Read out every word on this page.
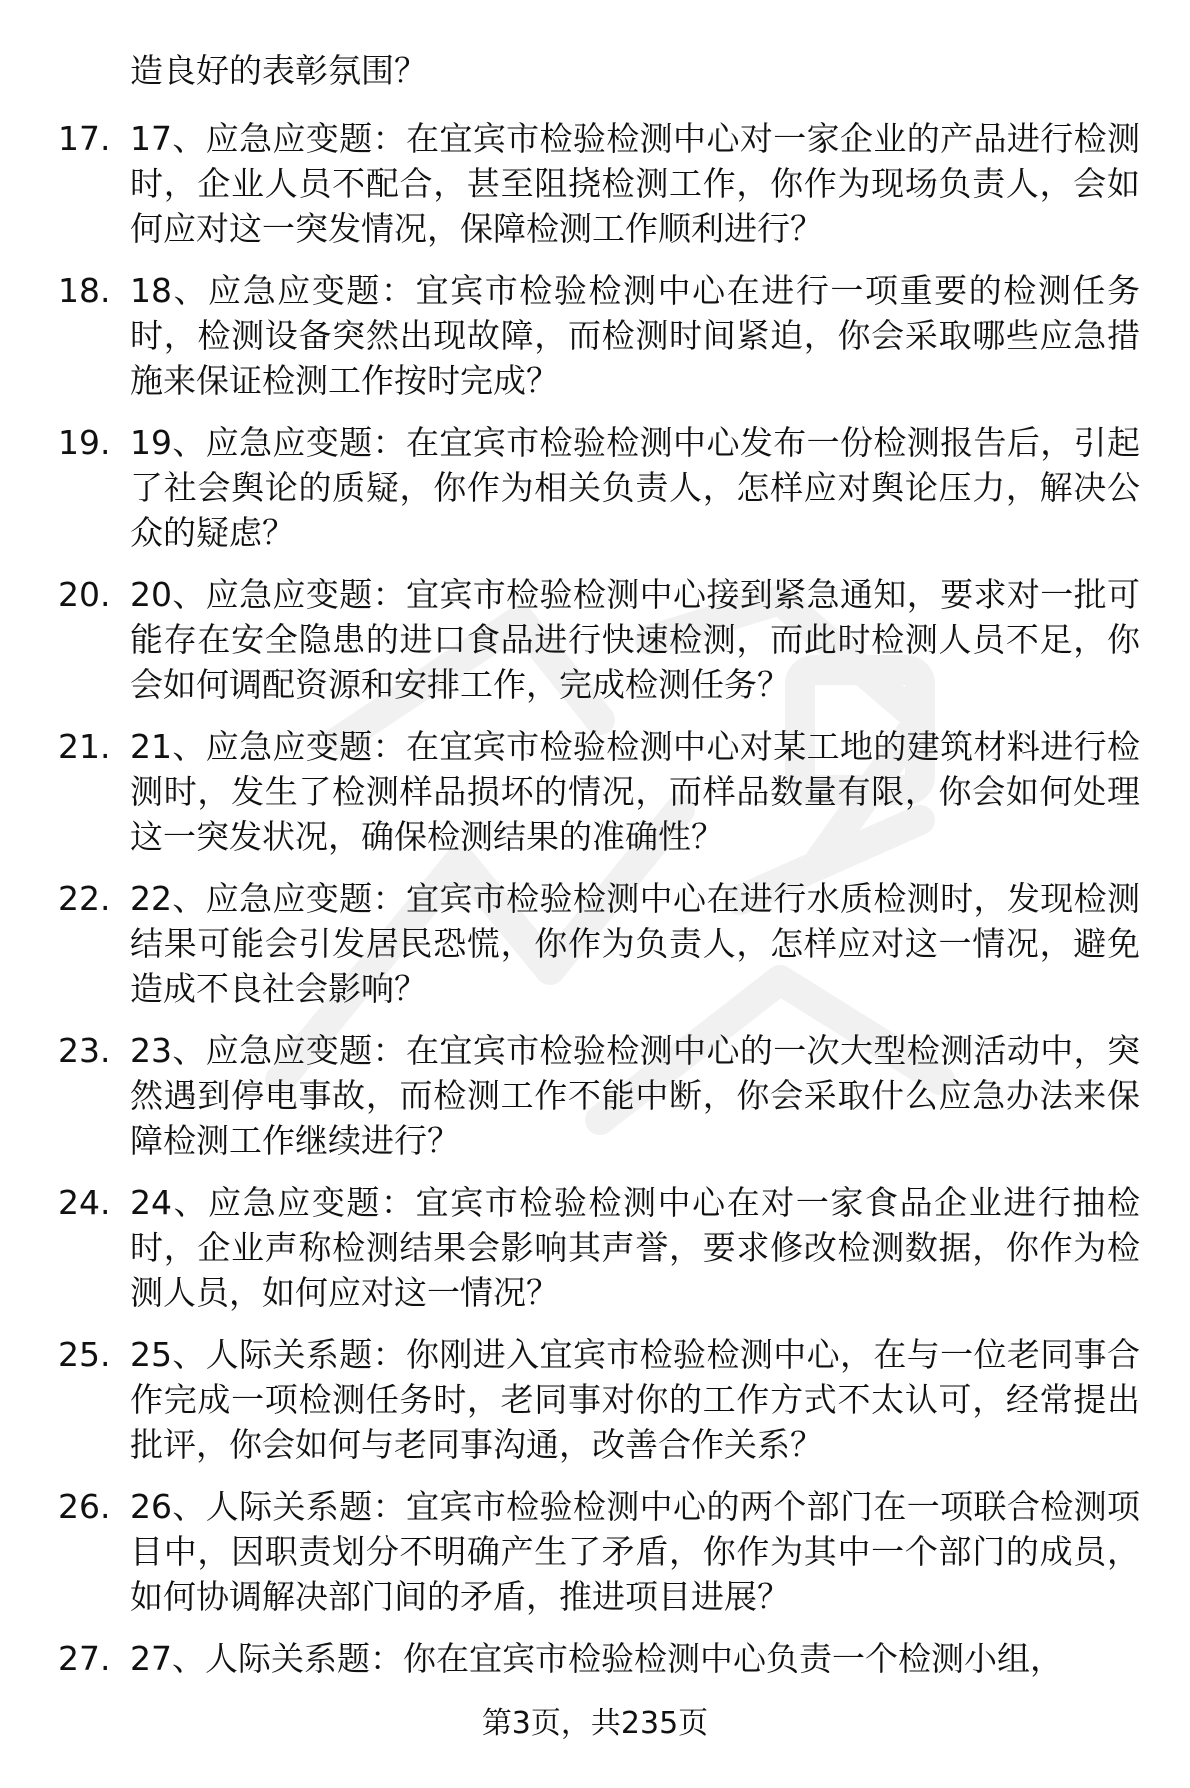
造良好的表彰氛围？

17. 17、应急应变题：在宜宾市检验检测中心对一家企业的产品进行检测时，企业人员不配合，甚至阻挠检测工作，你作为现场负责人，会如何应对这一突发情况，保障检测工作顺利进行？

18. 18、应急应变题：宜宾市检验检测中心在进行一项重要的检测任务时，检测设备突然出现故障，而检测时间紧迫，你会采取哪些应急措施来保证检测工作按时完成？

19. 19、应急应变题：在宜宾市检验检测中心发布一份检测报告后，引起了社会舆论的质疑，你作为相关负责人，怎样应对舆论压力，解决公众的疑虑？

20. 20、应急应变题：宜宾市检验检测中心接到紧急通知，要求对一批可能存在安全隐患的进口食品进行快速检测，而此时检测人员不足，你会如何调配资源和安排工作，完成检测任务？

21. 21、应急应变题：在宜宾市检验检测中心对某工地的建筑材料进行检测时，发生了检测样品损坏的情况，而样品数量有限，你会如何处理这一突发状况，确保检测结果的准确性？

22. 22、应急应变题：宜宾市检验检测中心在进行水质检测时，发现检测结果可能会引发居民恐慌，你作为负责人，怎样应对这一情况，避免造成不良社会影响？

23. 23、应急应变题：在宜宾市检验检测中心的一次大型检测活动中，突然遇到停电事故，而检测工作不能中断，你会采取什么应急办法来保障检测工作继续进行？

24. 24、应急应变题：宜宾市检验检测中心在对一家食品企业进行抽检时，企业声称检测结果会影响其声誉，要求修改检测数据，你作为检测人员，如何应对这一情况？

25. 25、人际关系题：你刚进入宜宾市检验检测中心，在与一位老同事合作完成一项检测任务时，老同事对你的工作方式不太认可，经常提出批评，你会如何与老同事沟通，改善合作关系？

26. 26、人际关系题：宜宾市检验检测中心的两个部门在一项联合检测项目中，因职责划分不明确产生了矛盾，你作为其中一个部门的成员，如何协调解决部门间的矛盾，推进项目进展？

27. 27、人际关系题：你在宜宾市检验检测中心负责一个检测小组，

第3页，共235页
